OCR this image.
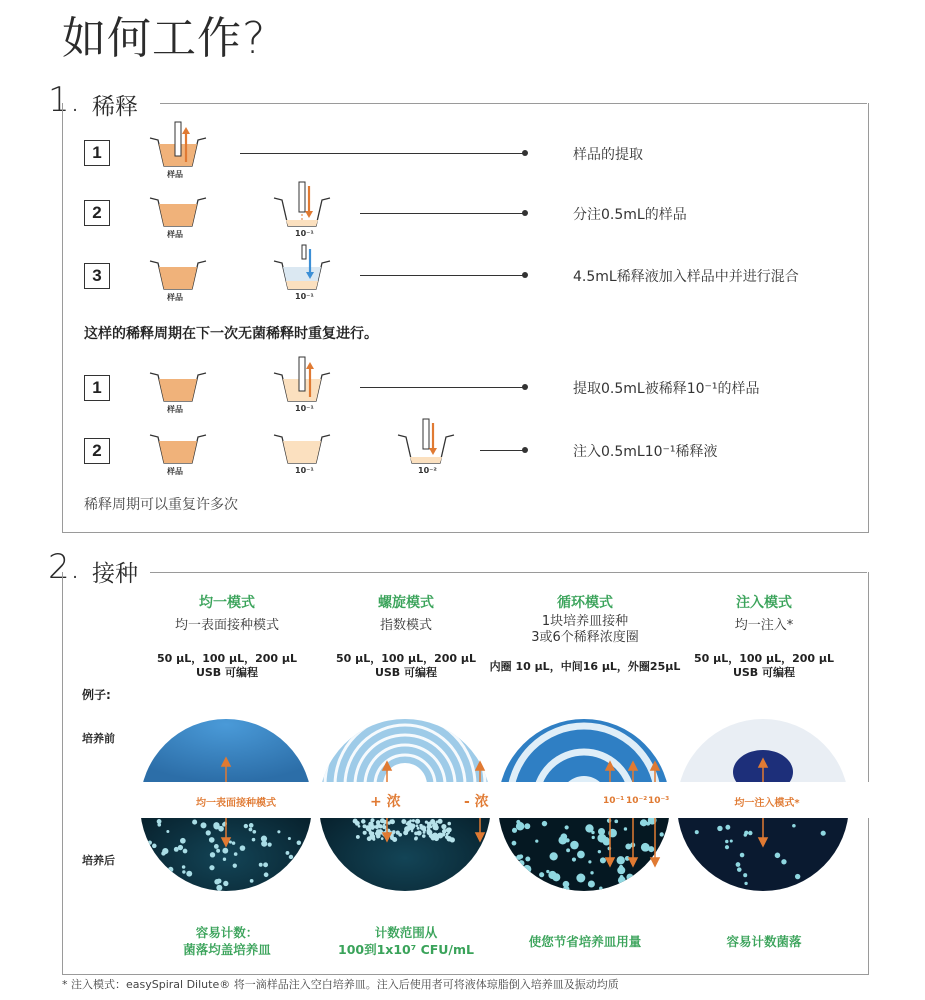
如何工作?
1. 稀释
1
样品
样品的提取
2
样品	10⁻¹
分注0.5mL的样品
3
样品	10⁻¹
4.5mL稀释液加入样品中并进行混合
这样的稀释周期在下一次无菌稀释时重复进行。
1
样品	10⁻¹
提取0.5mL被稀释10⁻¹的样品
2
样品	10⁻¹	10⁻²
注入0.5mL10⁻¹稀释液
稀释周期可以重复许多次
2. 接种
例子:
培养前
培养后
均一模式
均一表面接种模式
50 µL，100 µL，200 µL
USB 可编程
螺旋模式
指数模式
50 µL，100 µL，200 µL
USB 可编程
循环模式
1块培养皿接种
3或6个稀释浓度圈
内圈 10 µL，中间16 µL，外圈25µL
注入模式
均一注入*
50 µL，100 µL，200 µL
USB 可编程
均一表面接种模式	+ 浓	- 浓	10⁻¹ 10⁻² 10⁻³	均一注入模式*
容易计数：
菌落均盖培养皿
计数范围从
100到1x10⁷ CFU/mL
使您节省培养皿用量	容易计数菌落
* 注入模式：easySpiral Dilute® 将一滴样品注入空白培养皿。注入后使用者可将液体琼脂倒入培养皿及振动均质
